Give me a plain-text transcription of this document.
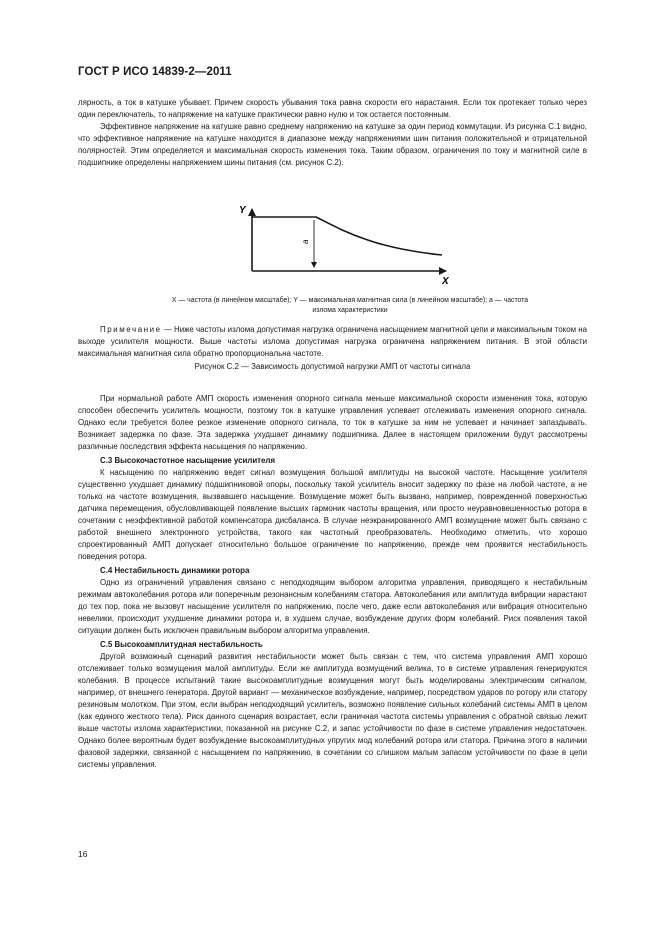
ГОСТ Р ИСО 14839-2—2011

лярность, а ток в катушке убывает. Причем скорость убывания тока равна скорости его нарастания. Если ток протекает только через один переключатель, то напряжение на катушке практически равно нулю и ток остается постоянным.

Эффективное напряжение на катушке равно среднему напряжению на катушке за один период коммутации. Из рисунка С.1 видно, что эффективное напряжение на катушке находится в диапазоне между напряжениями шин питания положительной и отрицательной полярностей. Этим определяется и максимальная скорость изменения тока. Таким образом, ограничения по току и магнитной силе в подшипнике определены напряжением шины питания (см. рисунок С.2).

Y
X
a
X — частота (в линейном масштабе); Y — максимальная магнитная сила (в линейном масштабе); a — частота
излома характеристики
Примечание — Ниже частоты излома допустимая нагрузка ограничена насыщением магнитной цепи и максимальным током на выходе усилителя мощности. Выше частоты излома допустимая нагрузка ограничена напряжением питания. В этой области максимальная магнитная сила обратно пропорциональна частоте.
Рисунок С.2 — Зависимость допустимой нагрузки АМП от частоты сигнала

При нормальной работе АМП скорость изменения опорного сигнала меньше максимальной скорости изменения тока, которую способен обеспечить усилитель мощности, поэтому ток в катушке управления успевает отслеживать изменения опорного сигнала. Однако если требуется более резкое изменение опорного сигнала, то ток в катушке за ним не успевает и начинает запаздывать. Возникает задержка по фазе. Эта задержка ухудшает динамику подшипника. Далее в настоящем приложении будут рассмотрены различные последствия эффекта насыщения по напряжению.

С.3 Высокочастотное насыщение усилителя

К насыщению по напряжению ведет сигнал возмущения большой амплитуды на высокой частоте. Насыщение усилителя существенно ухудшает динамику подшипниковой опоры, поскольку такой усилитель вносит задержку по фазе на любой частоте, а не только на частоте возмущения, вызвавшего насыщение. Возмущение может быть вызвано, например, поврежденной поверхностью датчика перемещения, обусловливающей появление высших гармоник частоты вращения, или просто неуравновешенностью ротора в сочетании с неэффективной работой компенсатора дисбаланса. В случае неэкранированного АМП возмущение может быть связано с работой внешнего электронного устройства, такого как частотный преобразователь. Необходимо отметить, что хорошо спроектированный АМП допускает относительно большое ограничение по напряжению, прежде чем проявится нестабильность поведения ротора.

С.4 Нестабильность динамики ротора

Одно из ограничений управления связано с неподходящим выбором алгоритма управления, приводящего к нестабильным режимам автоколебания ротора или поперечным резонансным колебаниям статора. Автоколебания или амплитуда вибрации нарастают до тех пор, пока не вызовут насыщение усилителя по напряжению, после чего, даже если автоколебания или вибрация относительно невелики, происходит ухудшение динамики ротора и, в худшем случае, возбуждение других форм колебаний. Риск появления такой ситуации должен быть исключен правильным выбором алгоритма управления.

С.5 Высокоамплитудная нестабильность

Другой возможный сценарий развития нестабильности может быть связан с тем, что система управления АМП хорошо отслеживает только возмущения малой амплитуды. Если же амплитуда возмущений велика, то в системе управления генерируются колебания. В процессе испытаний такие высокоамплитудные возмущения могут быть моделированы электрическим сигналом, например, от внешнего генератора. Другой вариант — механическое возбуждение, например, посредством ударов по ротору или статору резиновым молотком. При этом, если выбран неподходящий усилитель, возможно появление сильных колебаний системы АМП в целом (как единого жесткого тела). Риск данного сценария возрастает, если граничная частота системы управления с обратной связью лежит выше частоты излома характеристики, показанной на рисунке С.2, и запас устойчивости по фазе в системе управления недостаточен. Однако более вероятным будет возбуждение высокоамплитудных упругих мод колебаний ротора или статора. Причина этого в наличии фазовой задержки, связанной с насыщением по напряжению, в сочетании со слишком малым запасом устойчивости по фазе в цепи системы управления.

16
